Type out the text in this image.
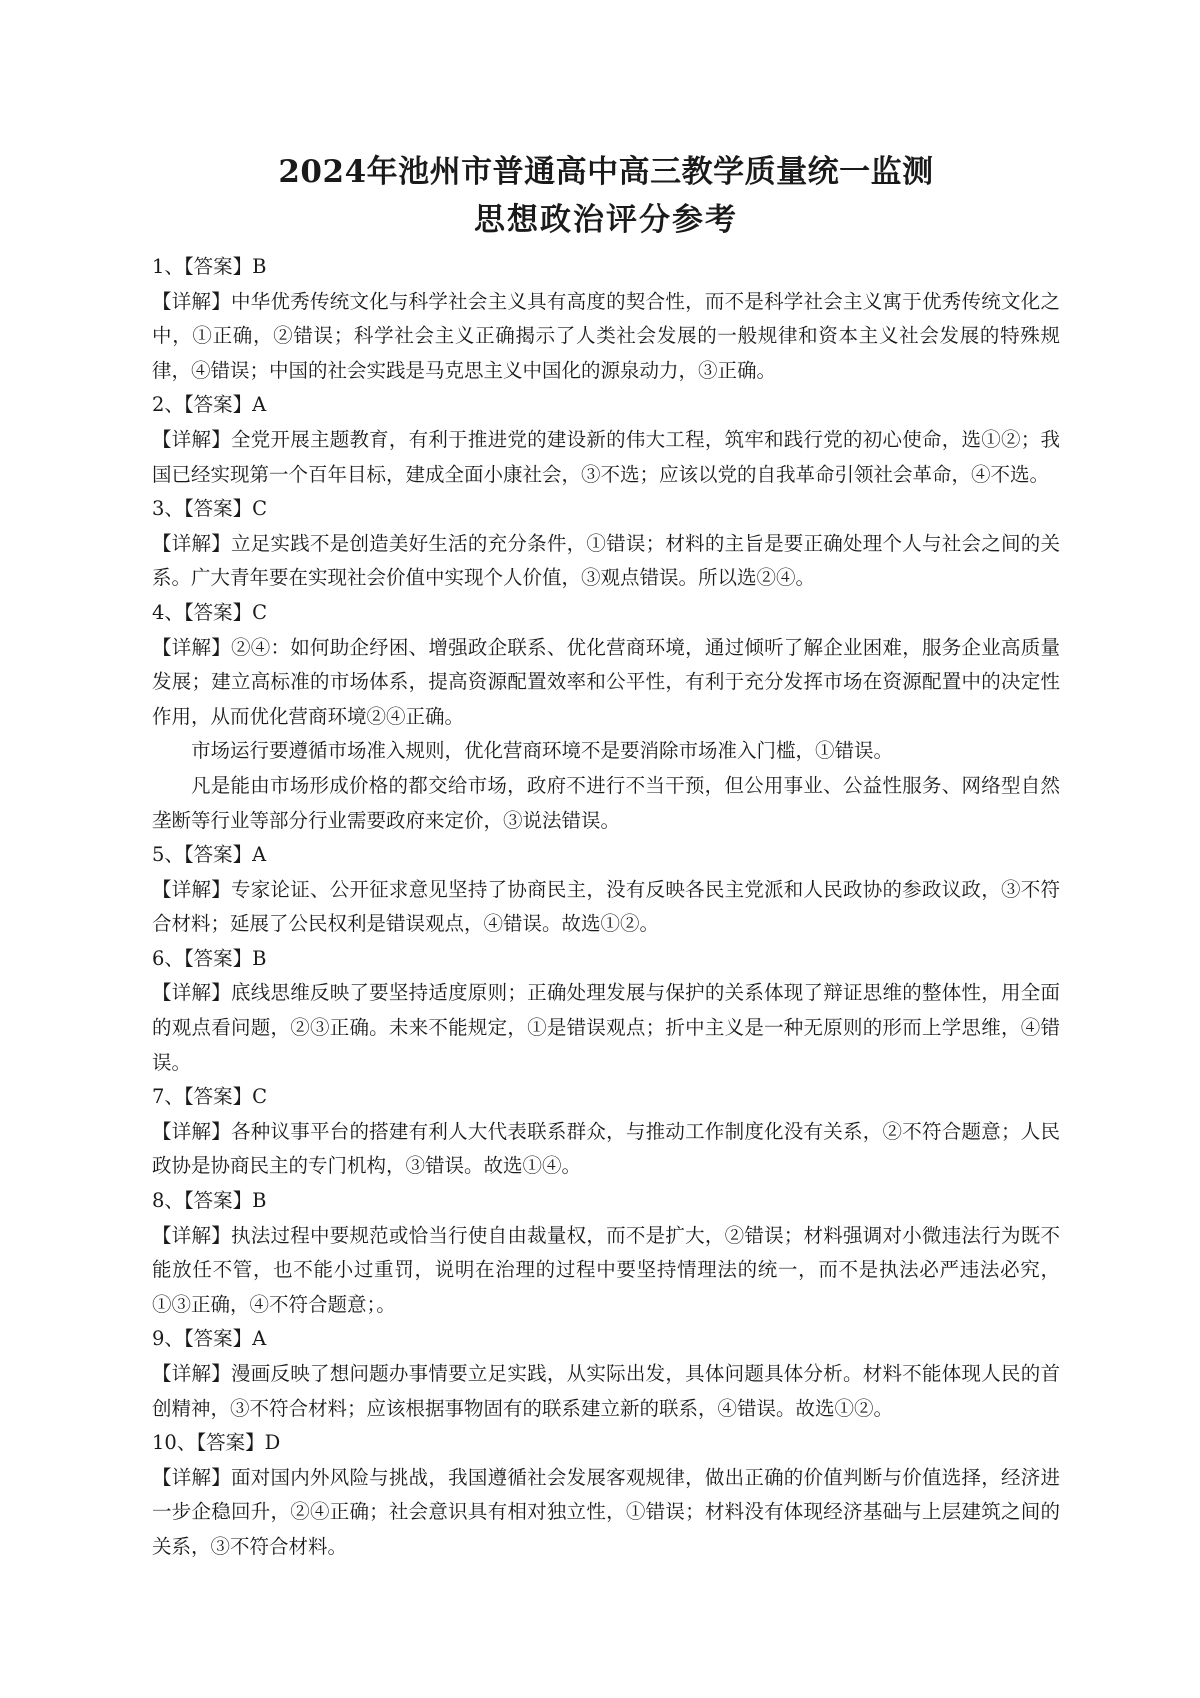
2024年池州市普通高中高三教学质量统一监测
思想政治评分参考

1、【答案】B

【详解】中华优秀传统文化与科学社会主义具有高度的契合性，而不是科学社会主义寓于优秀传统文化之中，①正确，②错误；科学社会主义正确揭示了人类社会发展的一般规律和资本主义社会发展的特殊规律，④错误；中国的社会实践是马克思主义中国化的源泉动力，③正确。

2、【答案】A

【详解】全党开展主题教育，有利于推进党的建设新的伟大工程，筑牢和践行党的初心使命，选①②；我国已经实现第一个百年目标，建成全面小康社会，③不选；应该以党的自我革命引领社会革命，④不选。

3、【答案】C

【详解】立足实践不是创造美好生活的充分条件，①错误；材料的主旨是要正确处理个人与社会之间的关系。广大青年要在实现社会价值中实现个人价值，③观点错误。所以选②④。

4、【答案】C

【详解】②④：如何助企纾困、增强政企联系、优化营商环境，通过倾听了解企业困难，服务企业高质量发展；建立高标准的市场体系，提高资源配置效率和公平性，有利于充分发挥市场在资源配置中的决定性作用，从而优化营商环境②④正确。

市场运行要遵循市场准入规则，优化营商环境不是要消除市场准入门槛，①错误。

凡是能由市场形成价格的都交给市场，政府不进行不当干预，但公用事业、公益性服务、网络型自然垄断等行业等部分行业需要政府来定价，③说法错误。

5、【答案】A

【详解】专家论证、公开征求意见坚持了协商民主，没有反映各民主党派和人民政协的参政议政，③不符合材料；延展了公民权利是错误观点，④错误。故选①②。

6、【答案】B

【详解】底线思维反映了要坚持适度原则；正确处理发展与保护的关系体现了辩证思维的整体性，用全面的观点看问题，②③正确。未来不能规定，①是错误观点；折中主义是一种无原则的形而上学思维，④错误。

7、【答案】C

【详解】各种议事平台的搭建有利人大代表联系群众，与推动工作制度化没有关系，②不符合题意；人民政协是协商民主的专门机构，③错误。故选①④。

8、【答案】B

【详解】执法过程中要规范或恰当行使自由裁量权，而不是扩大，②错误；材料强调对小微违法行为既不能放任不管，也不能小过重罚，说明在治理的过程中要坚持情理法的统一，而不是执法必严违法必究，①③正确，④不符合题意；。

9、【答案】A

【详解】漫画反映了想问题办事情要立足实践，从实际出发，具体问题具体分析。材料不能体现人民的首创精神，③不符合材料；应该根据事物固有的联系建立新的联系，④错误。故选①②。

10、【答案】D

【详解】面对国内外风险与挑战，我国遵循社会发展客观规律，做出正确的价值判断与价值选择，经济进一步企稳回升，②④正确；社会意识具有相对独立性，①错误；材料没有体现经济基础与上层建筑之间的关系，③不符合材料。
